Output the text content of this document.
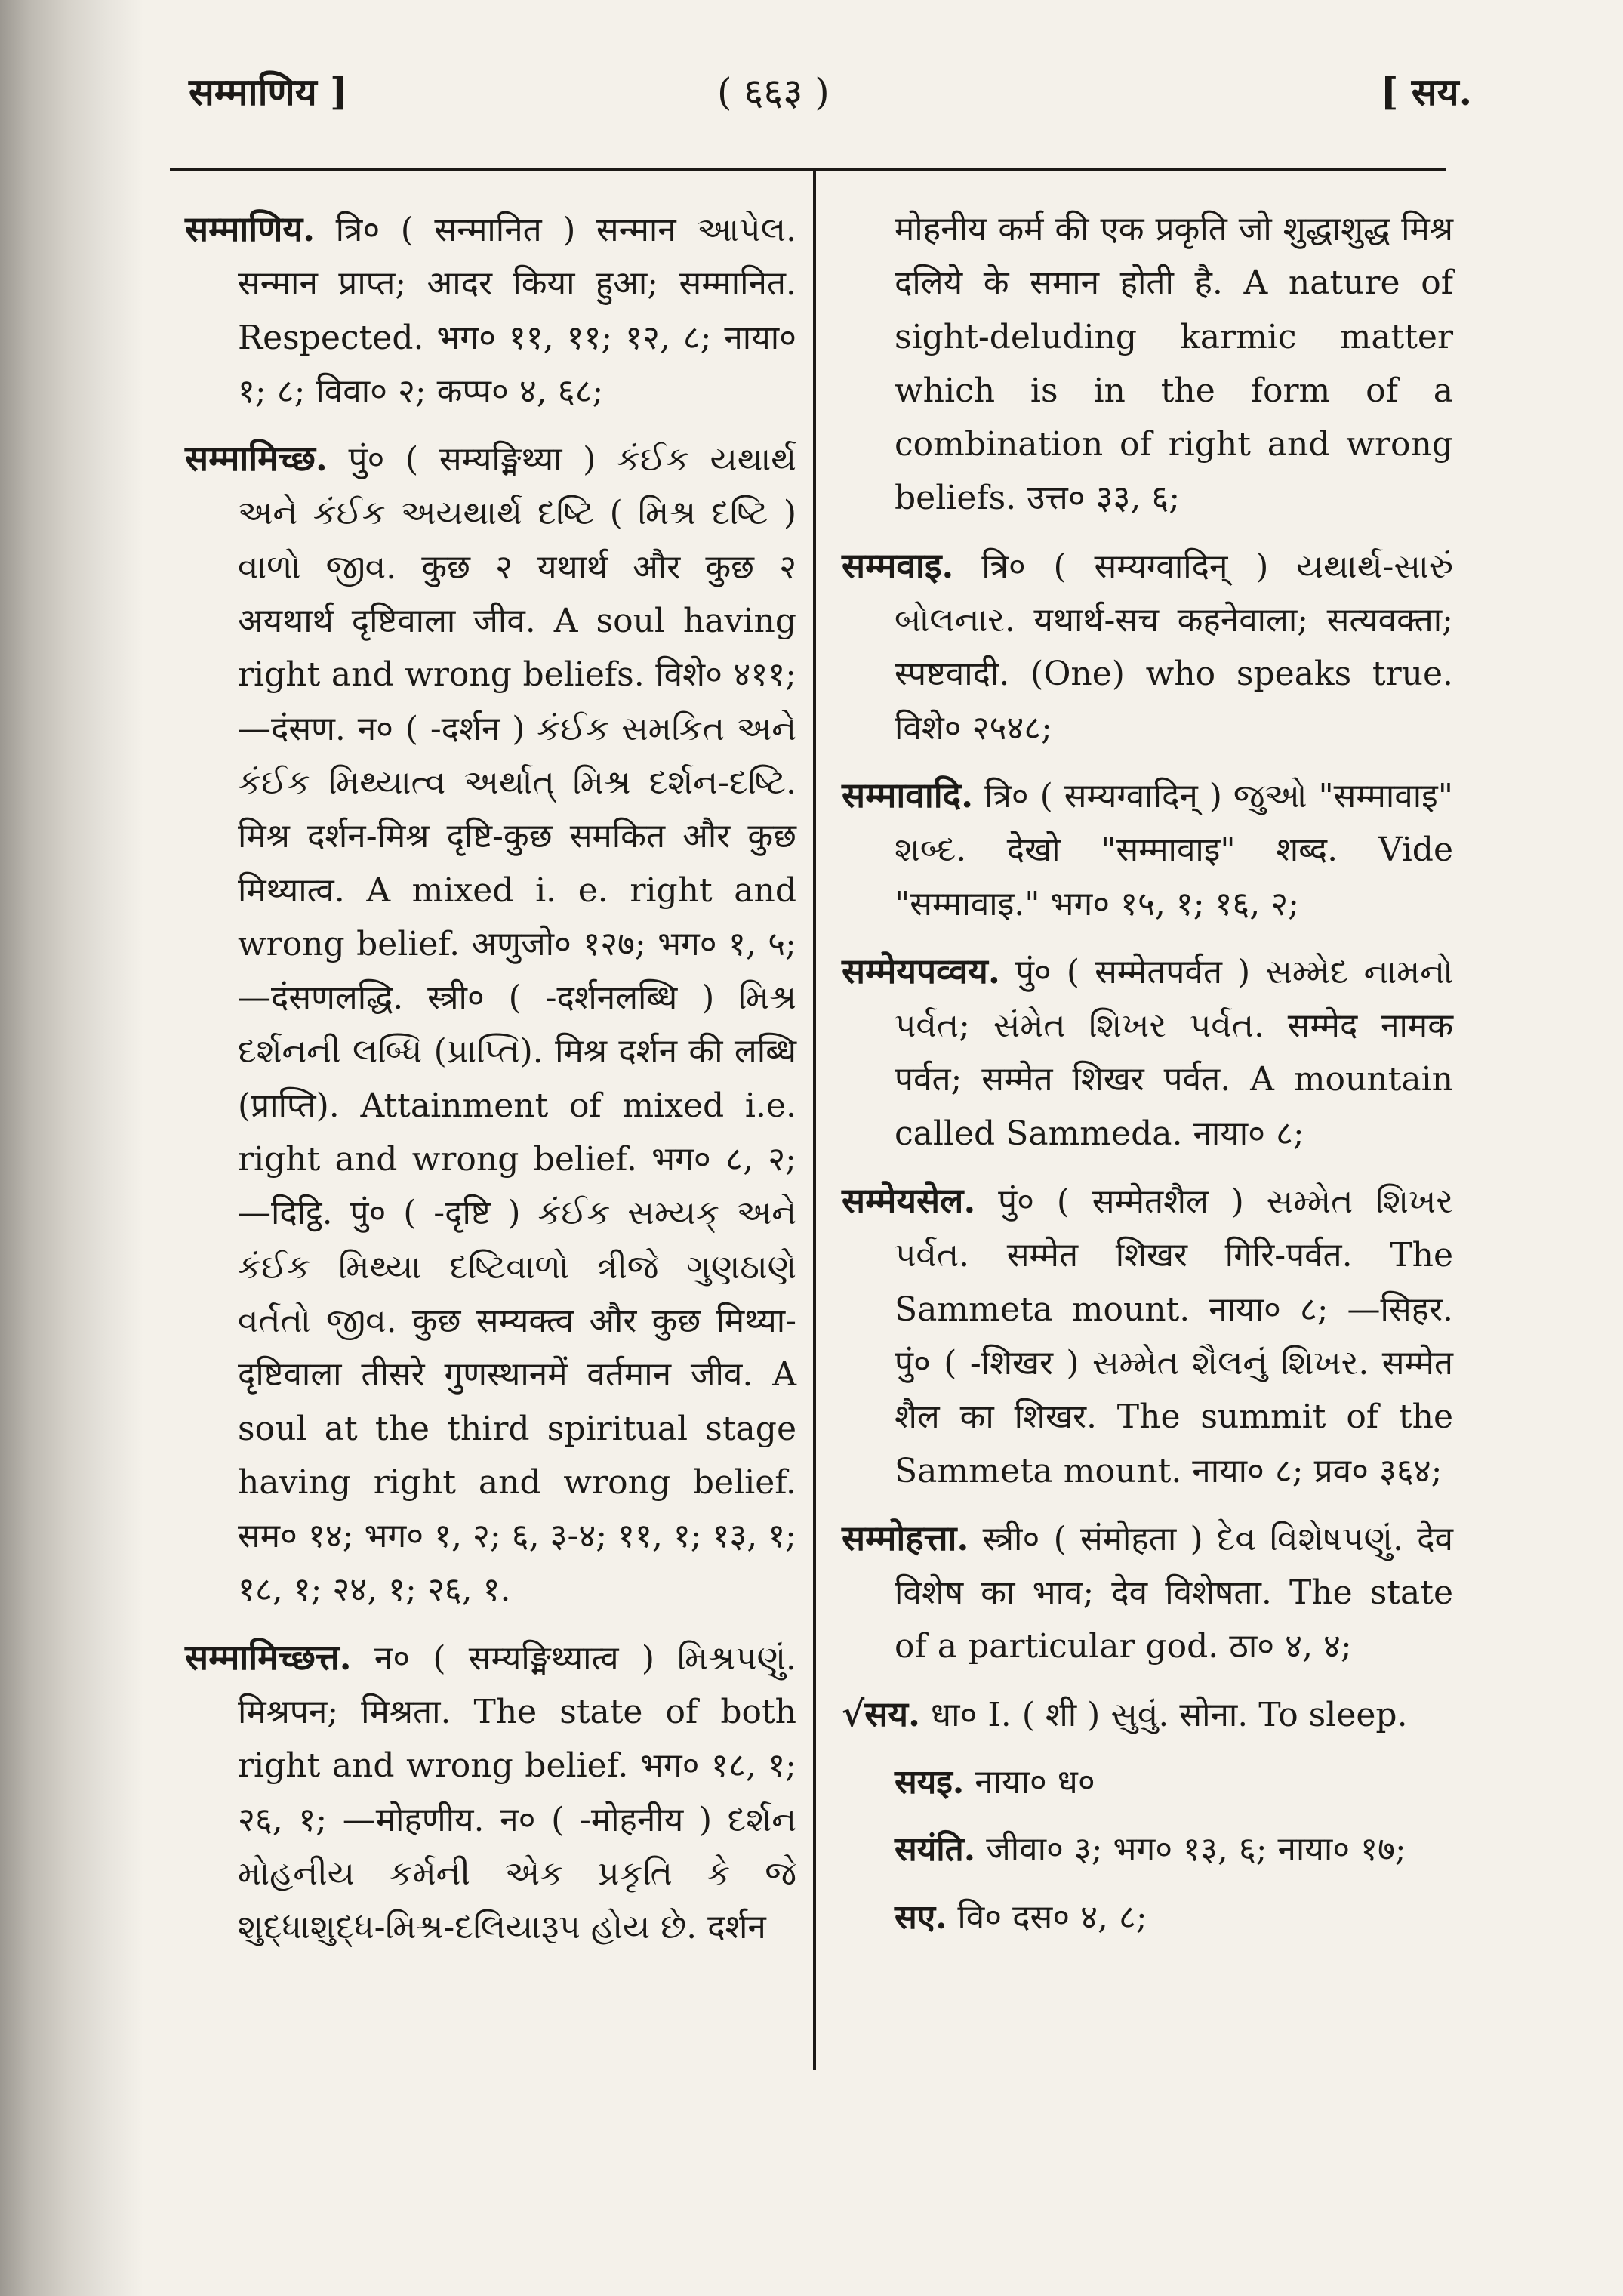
सम्माणिय ]	( ६६३ )	[ सय.

सम्माणिय. त्रि० ( सन्मानित ) सन्मान આપેલ. सन्मान प्राप्त; आदर किया हुआ; सम्मानित. Respected. भग० ११, ११; १२, ८; नाया० १; ८; विवा० २; कप्प० ४, ६८;

सम्मामिच्छ. पुं० ( सम्यङ्मिथ्या ) કંઈક યથાર્થ અને કંઈક અયથાર્થ દષ્ટિ ( મિશ્ર દષ્ટિ ) વાળો જીવ. कुछ २ यथार्थ और कुछ २ अयथार्थ दृष्टिवाला जीव. A soul having right and wrong beliefs. विशे० ४११; —दंसण. न० ( -दर्शन ) કંઈક સમકિત અને કંઈક મિથ્યાત્વ અર્થાત્ મિશ્ર દર્શન-દષ્ટિ. मिश्र दर्शन-मिश्र दृष्टि-कुछ समकित और कुछ मिथ्यात्व. A mixed i. e. right and wrong belief. अणुजो० १२७; भग० १, ५; —दंसणलद्धि. स्त्री० ( -दर्शनलब्धि ) મિશ્ર દર્શનની લબ્ધિ (પ્રાપ્તિ). मिश्र दर्शन की लब्धि (प्राप्ति). Attainment of mixed i.e. right and wrong belief. भग० ८, २; —दिट्ठि. पुं० ( -दृष्टि ) કંઈક સમ્યક્ અને કંઈક મિથ્યા દષ્ટિવાળો ત્રીજે ગુણઠાણે વર્તતો જીવ. कुछ सम्यक्त्व और कुछ मिथ्या-दृष्टिवाला तीसरे गुणस्थानमें वर्तमान जीव. A soul at the third spiritual stage having right and wrong belief. सम० १४; भग० १, २; ६, ३-४; ११, १; १३, १; १८, १; २४, १; २६, १.

सम्मामिच्छत्त. न० ( सम्यङ्मिथ्यात्व ) મિશ્રપણું. मिश्रपन; मिश्रता. The state of both right and wrong belief. भग० १८, १; २६, १; —मोहणीय. न० ( -मोहनीय ) દર્શન મોહનીય કર્મની એક પ્રકૃતિ કે જે શુદ્ધાશુદ્ધ-મિશ્ર-દલિયારૂપ હોય છે. दर्शन

मोहनीय कर्म की एक प्रकृति जो शुद्धाशुद्ध मिश्र दलिये के समान होती है. A nature of sight-deluding karmic matter which is in the form of a combination of right and wrong beliefs. उत्त० ३३, ६;

सम्मवाइ. त्रि० ( सम्यग्वादिन् ) યથાર્થ-સારું બોલનાર. यथार्थ-सच कहनेवाला; सत्यवक्ता; स्पष्टवादी. (One) who speaks true. विशे० २५४८;

सम्मावादि. त्रि० ( सम्यग्वादिन् ) જુઓ "सम्मावाइ" શબ્દ. देखो "सम्मावाइ" शब्द. Vide "सम्मावाइ." भग० १५, १; १६, २;

सम्मेयपव्वय. पुं० ( सम्मेतपर्वत ) સમ્મેદ નામનો પર્વત; સંમેત શિખર પર્વત. सम्मेद नामक पर्वत; सम्मेत शिखर पर्वत. A mountain called Sammeda. नाया० ८;

सम्मेयसेल. पुं० ( सम्मेतशैल ) સમ્મેત શિખર પર્વત. सम्मेत शिखर गिरि-पर्वत. The Sammeta mount. नाया० ८; —सिहर. पुं० ( -शिखर ) સમ્મેત શૈલનું શિખર. सम्मेत शैल का शिखर. The summit of the Sammeta mount. नाया० ८; प्रव० ३६४;

सम्मोहत्ता. स्त्री० ( संमोहता ) દેવ વિશેષપણું. देव विशेष का भाव; देव विशेषता. The state of a particular god. ठा० ४, ४;

√सय. धा० I. ( शी ) સુવું. सोना. To sleep.

सयइ. नाया० ध०

सयंति. जीवा० ३; भग० १३, ६; नाया० १७;

सए. वि० दस० ४, ८;
